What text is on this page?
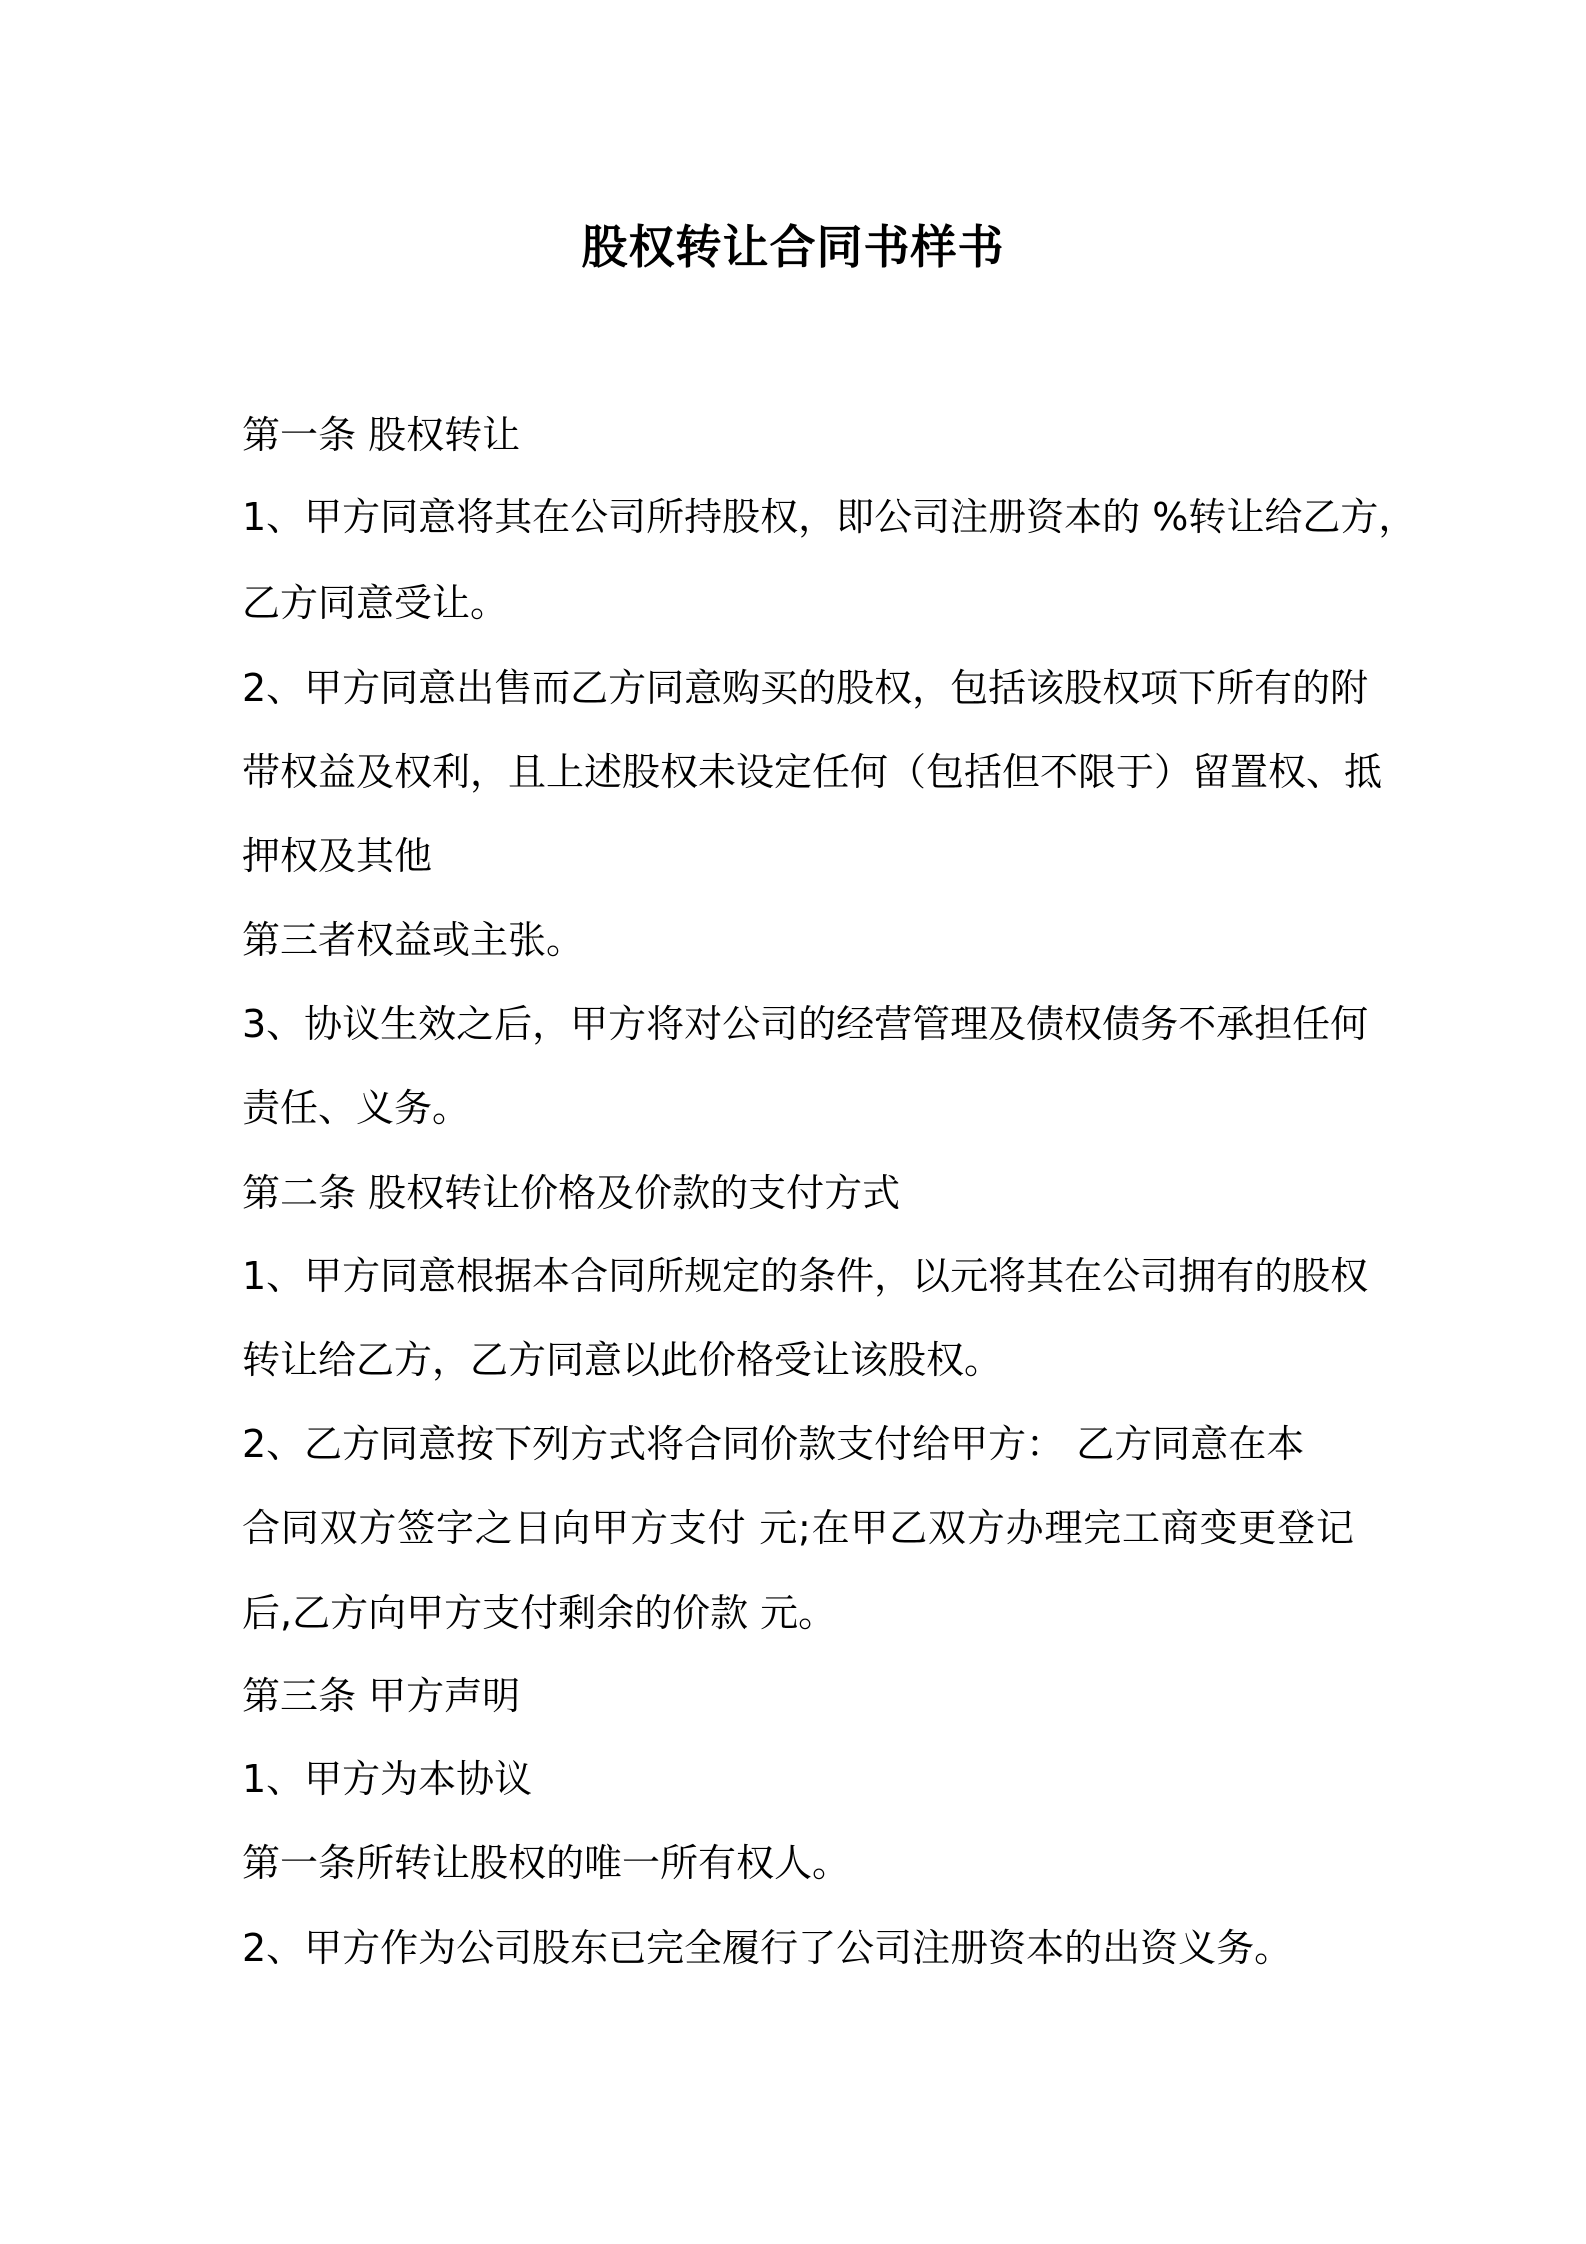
股权转让合同书样书
第一条 股权转让
1、甲方同意将其在公司所持股权，即公司注册资本的 %转让给乙方，
乙方同意受让。
2、甲方同意出售而乙方同意购买的股权，包括该股权项下所有的附
带权益及权利，且上述股权未设定任何（包括但不限于）留置权、抵
押权及其他
第三者权益或主张。
3、协议生效之后，甲方将对公司的经营管理及债权债务不承担任何
责任、义务。
第二条 股权转让价格及价款的支付方式
1、甲方同意根据本合同所规定的条件，以元将其在公司拥有的股权
转让给乙方，乙方同意以此价格受让该股权。
2、乙方同意按下列方式将合同价款支付给甲方： 乙方同意在本
合同双方签字之日向甲方支付 元;在甲乙双方办理完工商变更登记
后,乙方向甲方支付剩余的价款 元。
第三条 甲方声明
1、甲方为本协议
第一条所转让股权的唯一所有权人。
2、甲方作为公司股东已完全履行了公司注册资本的出资义务。
